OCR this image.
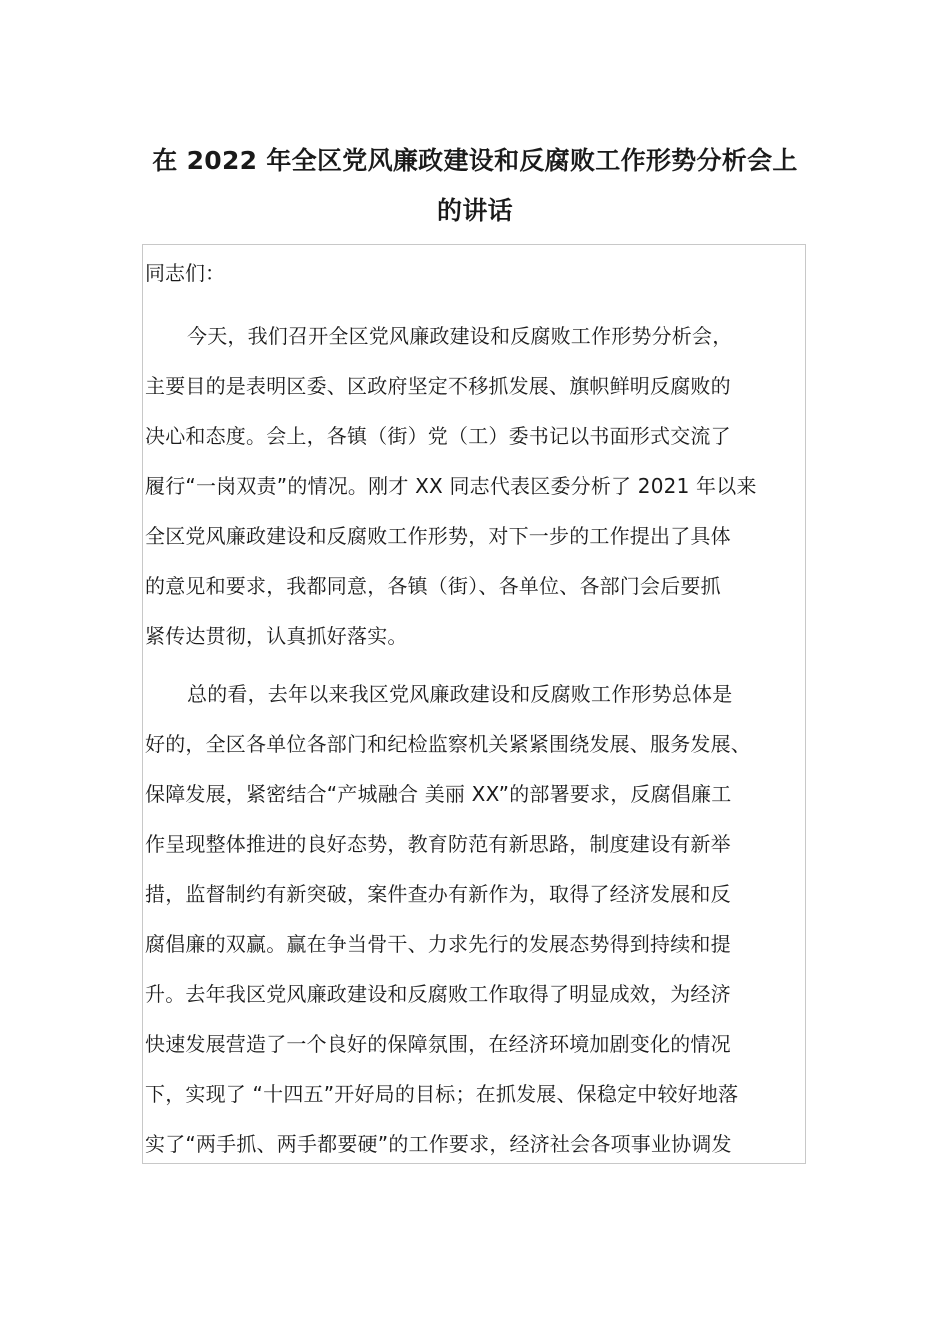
在 2022 年全区党风廉政建设和反腐败工作形势分析会上
的讲话
同志们：
今天，我们召开全区党风廉政建设和反腐败工作形势分析会，
主要目的是表明区委、区政府坚定不移抓发展、旗帜鲜明反腐败的
决心和态度。会上，各镇（街）党（工）委书记以书面形式交流了
履行“一岗双责”的情况。刚才 XX 同志代表区委分析了 2021 年以来
全区党风廉政建设和反腐败工作形势，对下一步的工作提出了具体
的意见和要求，我都同意，各镇（街）、各单位、各部门会后要抓
紧传达贯彻，认真抓好落实。
总的看，去年以来我区党风廉政建设和反腐败工作形势总体是
好的，全区各单位各部门和纪检监察机关紧紧围绕发展、服务发展、
保障发展，紧密结合“产城融合 美丽 XX”的部署要求，反腐倡廉工
作呈现整体推进的良好态势，教育防范有新思路，制度建设有新举
措，监督制约有新突破，案件查办有新作为，取得了经济发展和反
腐倡廉的双赢。赢在争当骨干、力求先行的发展态势得到持续和提
升。去年我区党风廉政建设和反腐败工作取得了明显成效，为经济
快速发展营造了一个良好的保障氛围，在经济环境加剧变化的情况
下，实现了 “十四五”开好局的目标；在抓发展、保稳定中较好地落
实了“两手抓、两手都要硬”的工作要求，经济社会各项事业协调发
